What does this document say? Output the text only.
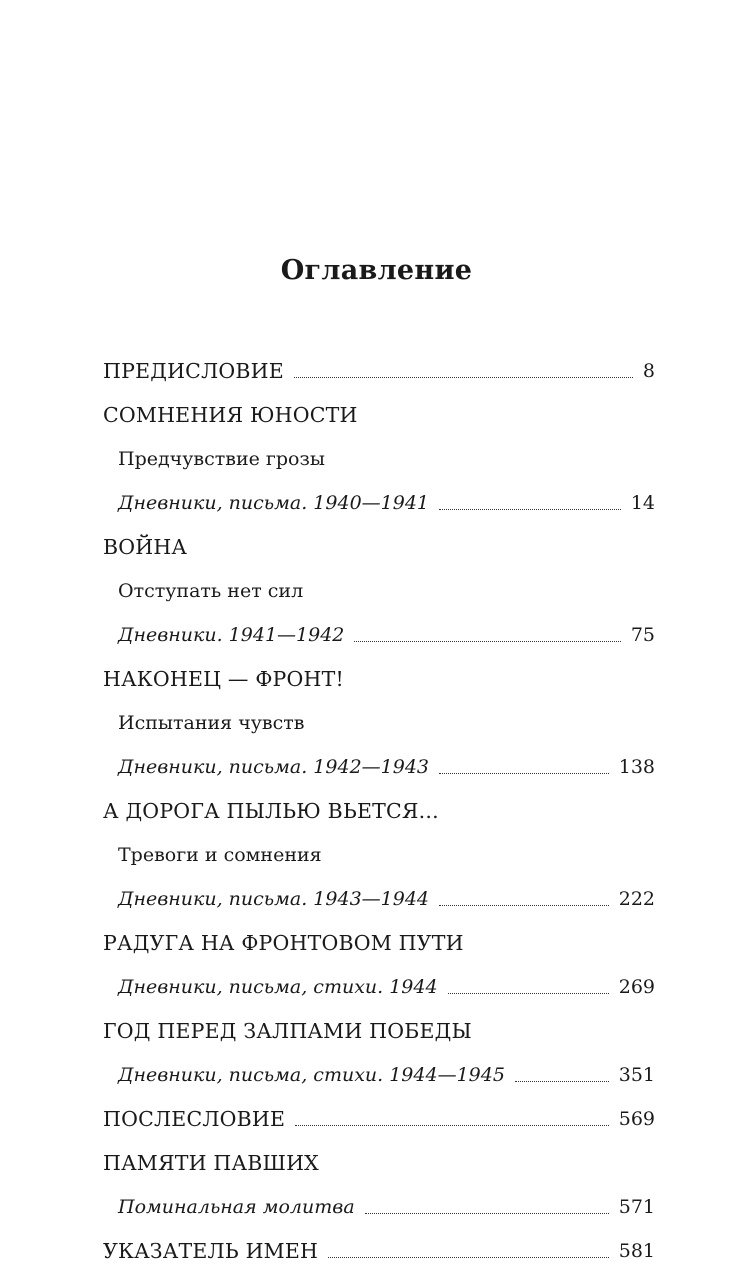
Оглавление
ПРЕДИСЛОВИЕ	8
СОМНЕНИЯ ЮНОСТИ
Предчувствие грозы
Дневники, письма. 1940—1941	14
ВОЙНА
Отступать нет сил
Дневники. 1941—1942	75
НАКОНЕЦ — ФРОНТ!
Испытания чувств
Дневники, письма. 1942—1943	138
А ДОРОГА ПЫЛЬЮ ВЬЕТСЯ...
Тревоги и сомнения
Дневники, письма. 1943—1944	222
РАДУГА НА ФРОНТОВОМ ПУТИ
Дневники, письма, стихи. 1944	269
ГОД ПЕРЕД ЗАЛПАМИ ПОБЕДЫ
Дневники, письма, стихи. 1944—1945	351
ПОСЛЕСЛОВИЕ	569
ПАМЯТИ ПАВШИХ
Поминальная молитва	571
УКАЗАТЕЛЬ ИМЕН	581
